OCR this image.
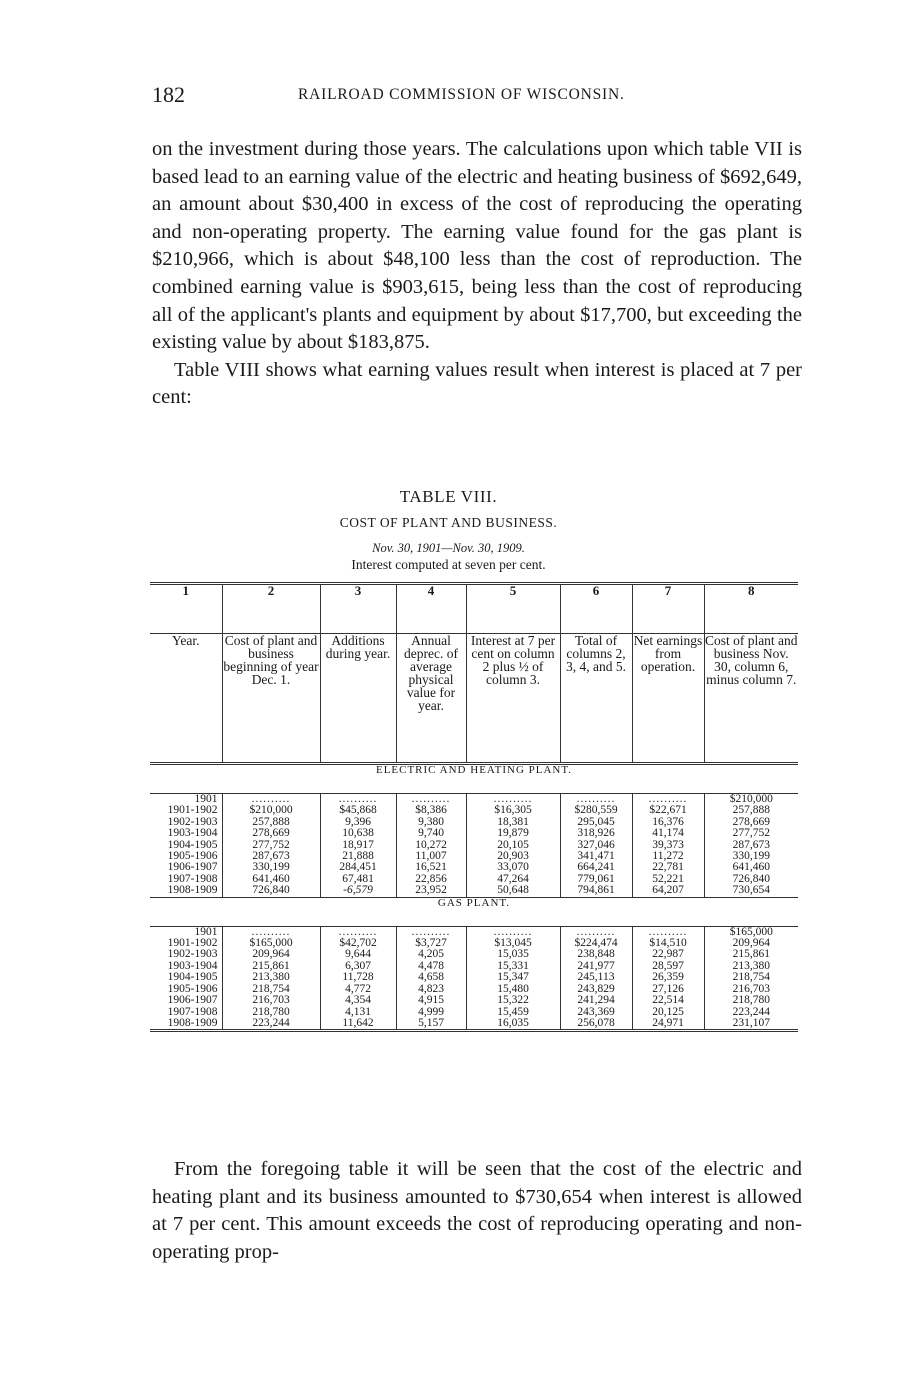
182	RAILROAD COMMISSION OF WISCONSIN.

on the investment during those years. The calculations upon which table VII is based lead to an earning value of the electric and heating business of $692,649, an amount about $30,400 in excess of the cost of reproducing the operating and non-operating property. The earning value found for the gas plant is $210,966, which is about $48,100 less than the cost of reproduction. The combined earning value is $903,615, being less than the cost of reproducing all of the applicant's plants and equipment by about $17,700, but exceeding the existing value by about $183,875.

Table VIII shows what earning values result when interest is placed at 7 per cent:

TABLE VIII.
COST OF PLANT AND BUSINESS.
Nov. 30, 1901—Nov. 30, 1909.
Interest computed at seven per cent.
1	2	3	4	5	6	7	8
Year.	Cost of plant and business beginning of year Dec. 1.	Additions during year.	Annual deprec. of average physical value for year.	Interest at 7 per cent on column 2 plus ½ of column 3.	Total of columns 2, 3, 4, and 5.	Net earnings from operation.	Cost of plant and business Nov. 30, column 6, minus column 7.
ELECTRIC AND HEATING PLANT.							
1901	..........	..........	..........	..........	..........	..........	$210,000
1901-1902	$210,000	$45,868	$8,386	$16,305	$280,559	$22,671	257,888
1902-1903	257,888	9,396	9,380	18,381	295,045	16,376	278,669
1903-1904	278,669	10,638	9,740	19,879	318,926	41,174	277,752
1904-1905	277,752	18,917	10,272	20,105	327,046	39,373	287,673
1905-1906	287,673	21,888	11,007	20,903	341,471	11,272	330,199
1906-1907	330,199	284,451	16,521	33,070	664,241	22,781	641,460
1907-1908	641,460	67,481	22,856	47,264	779,061	52,221	726,840
1908-1909	726,840	-6,579	23,952	50,648	794,861	64,207	730,654
GAS PLANT.							
1901	..........	..........	..........	..........	..........	..........	$165,000
1901-1902	$165,000	$42,702	$3,727	$13,045	$224,474	$14,510	209,964
1902-1903	209,964	9,644	4,205	15,035	238,848	22,987	215,861
1903-1904	215,861	6,307	4,478	15,331	241,977	28,597	213,380
1904-1905	213,380	11,728	4,658	15,347	245,113	26,359	218,754
1905-1906	218,754	4,772	4,823	15,480	243,829	27,126	216,703
1906-1907	216,703	4,354	4,915	15,322	241,294	22,514	218,780
1907-1908	218,780	4,131	4,999	15,459	243,369	20,125	223,244
1908-1909	223,244	11,642	5,157	16,035	256,078	24,971	231,107

From the foregoing table it will be seen that the cost of the electric and heating plant and its business amounted to $730,654 when interest is allowed at 7 per cent. This amount exceeds the cost of reproducing operating and non-operating prop-
